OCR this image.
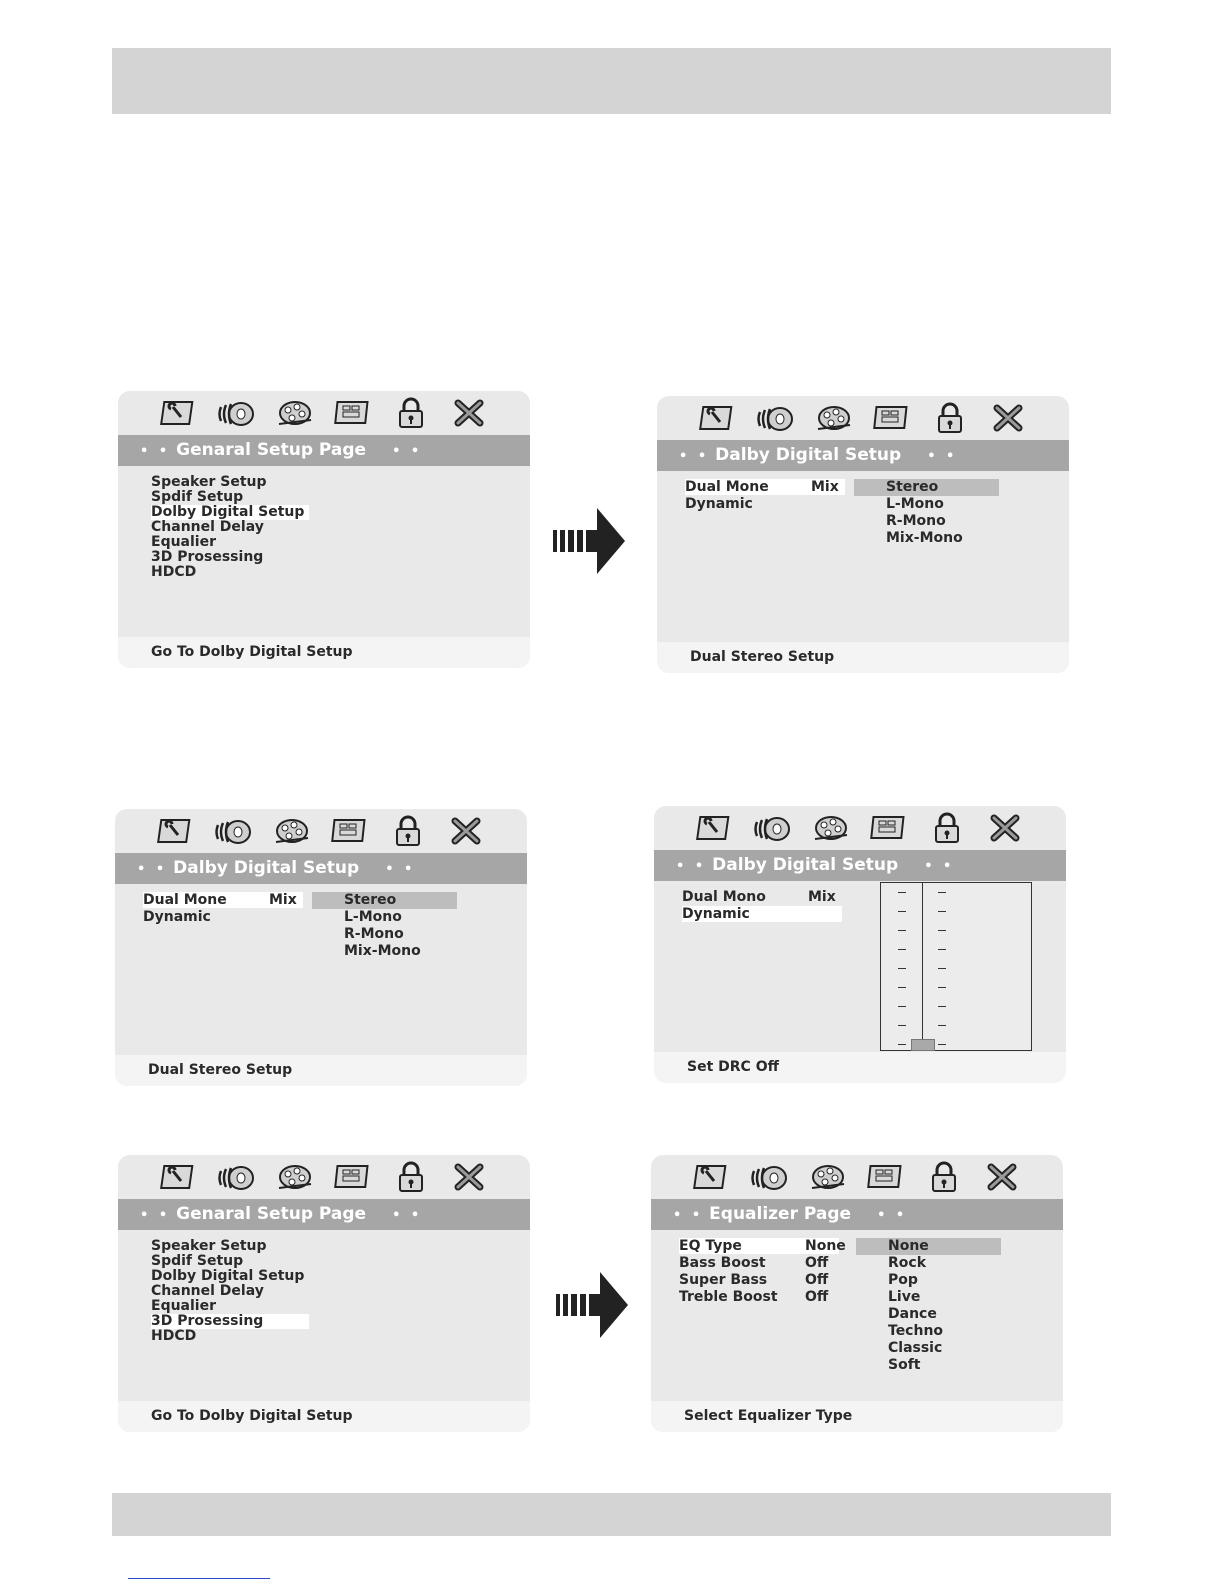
• • Genaral Setup Page • •
Speaker Setup
Spdif Setup
Dolby Digital Setup
Channel Delay
Equalier
3D Prosessing
HDCD
Go To Dolby Digital Setup
• • Dalby Digital Setup • •
Dual Mone	Mix
Dynamic
Stereo
L-Mono
R-Mono
Mix-Mono
Dual Stereo Setup
• • Dalby Digital Setup • •
Dual Mone	Mix
Dynamic
Stereo
L-Mono
R-Mono
Mix-Mono
Dual Stereo Setup
• • Dalby Digital Setup • •
Dual Mono	Mix
Dynamic
Set DRC Off
• • Genaral Setup Page • •
Speaker Setup
Spdif Setup
Dolby Digital Setup
Channel Delay
Equalier
3D Prosessing
HDCD
Go To Dolby Digital Setup
• • Equalizer Page • •
EQ Type	None
Bass Boost	Off
Super Bass	Off
Treble Boost Off
None
Rock
Pop
Live
Dance
Techno
Classic
Soft
Select Equalizer Type
